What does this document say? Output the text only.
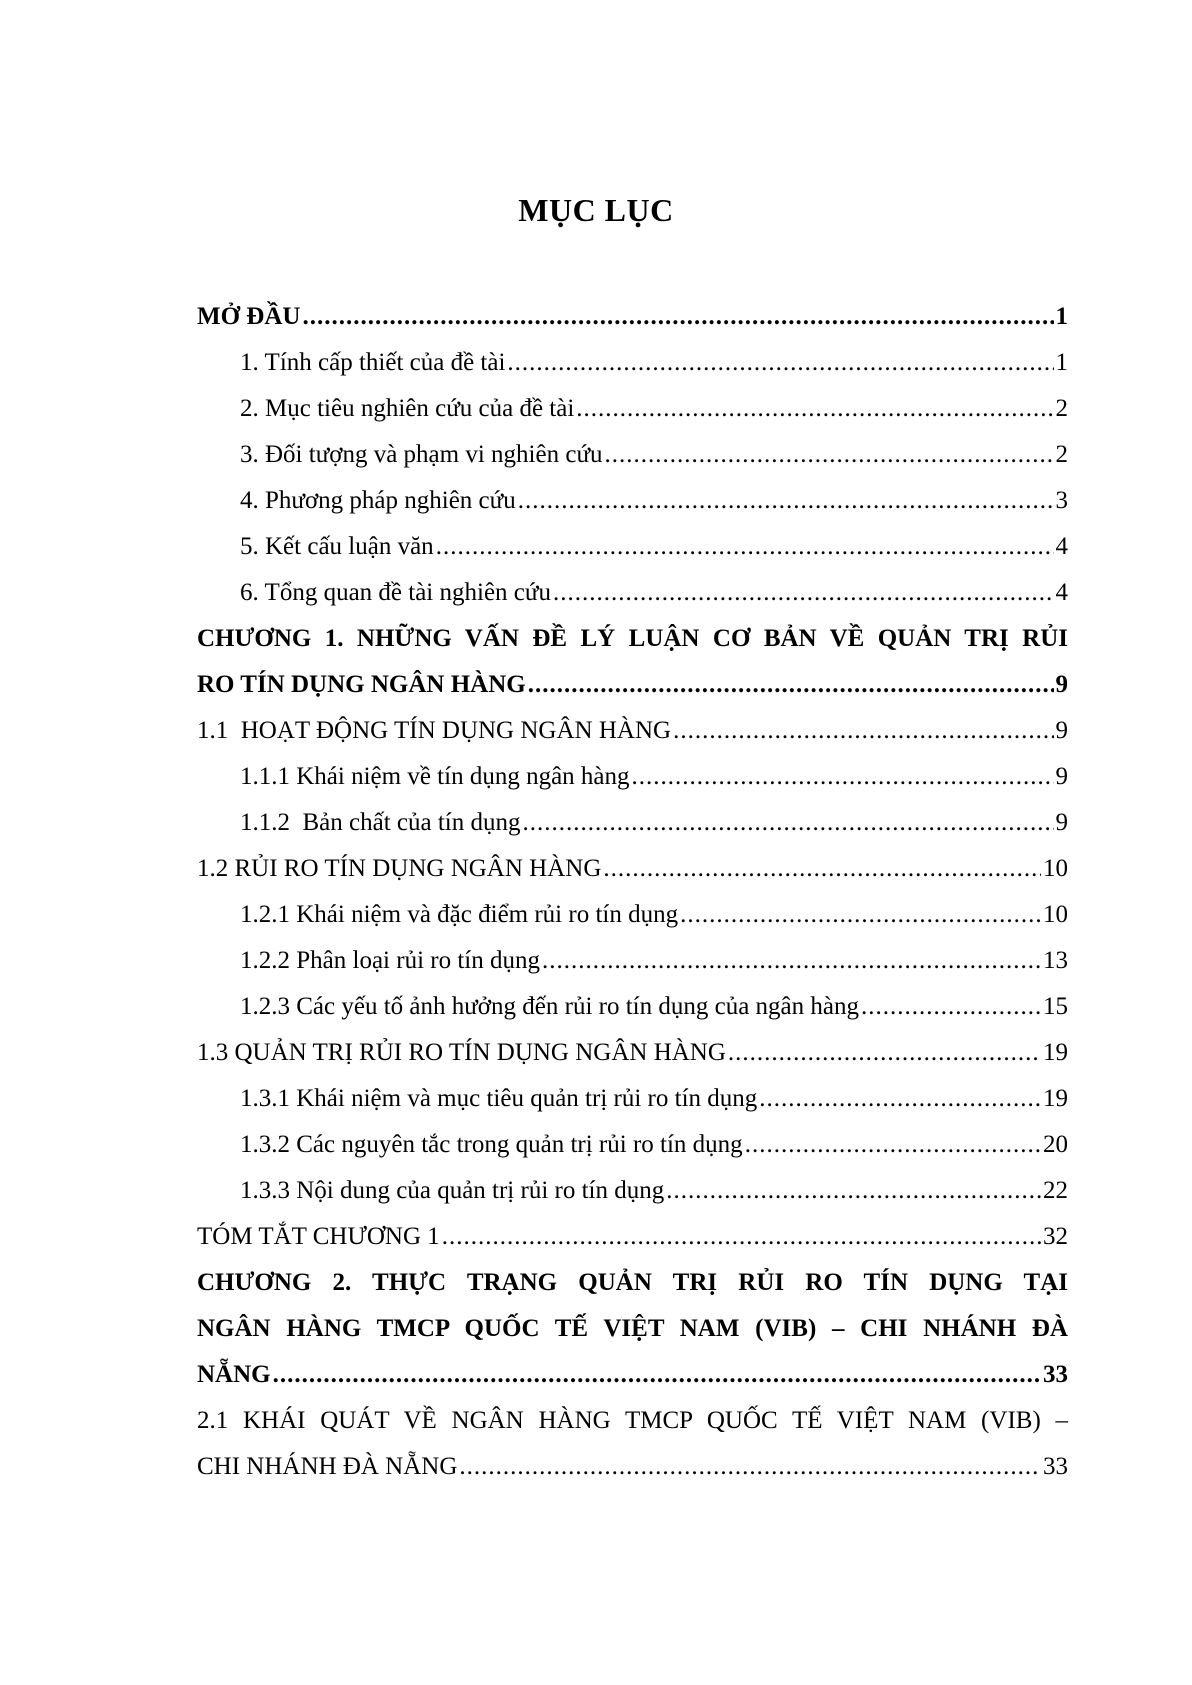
MỤC LỤC
MỞ ĐẦU .....	1
1. Tính cấp thiết của đề tài .....	1
2. Mục tiêu nghiên cứu của đề tài .....	2
3. Đối tượng và phạm vi nghiên cứu .....	2
4. Phương pháp nghiên cứu .....	3
5. Kết cấu luận văn .....	4
6. Tổng quan đề tài nghiên cứu .....	4
CHƯƠNG 1. NHỮNG VẤN ĐỀ LÝ LUẬN CƠ BẢN VỀ QUẢN TRỊ RỦI
RO TÍN DỤNG NGÂN HÀNG .....	9
1.1  HOẠT ĐỘNG TÍN DỤNG NGÂN HÀNG .....	9
1.1.1 Khái niệm về tín dụng ngân hàng .....	9
1.1.2  Bản chất của tín dụng .....	9
1.2 RỦI RO TÍN DỤNG NGÂN HÀNG .....	10
1.2.1 Khái niệm và đặc điểm rủi ro tín dụng .....	10
1.2.2 Phân loại rủi ro tín dụng .....	13
1.2.3 Các yếu tố ảnh hưởng đến rủi ro tín dụng của ngân hàng .....	15
1.3 QUẢN TRỊ RỦI RO TÍN DỤNG NGÂN HÀNG .....	19
1.3.1 Khái niệm và mục tiêu quản trị rủi ro tín dụng .....	19
1.3.2 Các nguyên tắc trong quản trị rủi ro tín dụng .....	20
1.3.3 Nội dung của quản trị rủi ro tín dụng .....	22
TÓM TẮT CHƯƠNG 1 .....	32
CHƯƠNG 2. THỰC TRẠNG QUẢN TRỊ RỦI RO TÍN DỤNG TẠI
NGÂN HÀNG TMCP QUỐC TẾ VIỆT NAM (VIB) – CHI NHÁNH ĐÀ
NẴNG .....	33
2.1 KHÁI QUÁT VỀ NGÂN HÀNG TMCP QUỐC TẾ VIỆT NAM (VIB) –
CHI NHÁNH ĐÀ NẴNG .....	33
